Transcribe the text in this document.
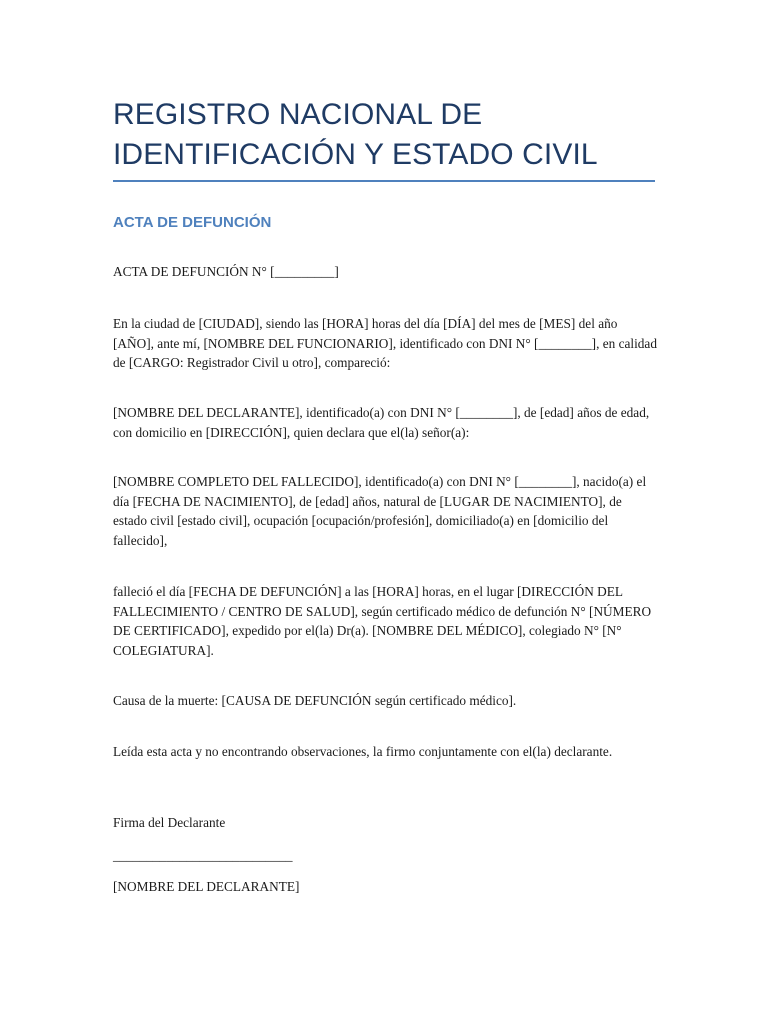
REGISTRO NACIONAL DE IDENTIFICACIÓN Y ESTADO CIVIL
ACTA DE DEFUNCIÓN

ACTA DE DEFUNCIÓN N° [_________]

En la ciudad de [CIUDAD], siendo las [HORA] horas del día [DÍA] del mes de [MES] del año [AÑO], ante mí, [NOMBRE DEL FUNCIONARIO], identificado con DNI N° [________], en calidad de [CARGO: Registrador Civil u otro], compareció:

[NOMBRE DEL DECLARANTE], identificado(a) con DNI N° [________], de [edad] años de edad, con domicilio en [DIRECCIÓN], quien declara que el(la) señor(a):

[NOMBRE COMPLETO DEL FALLECIDO], identificado(a) con DNI N° [________], nacido(a) el día [FECHA DE NACIMIENTO], de [edad] años, natural de [LUGAR DE NACIMIENTO], de estado civil [estado civil], ocupación [ocupación/profesión], domiciliado(a) en [domicilio del fallecido],

falleció el día [FECHA DE DEFUNCIÓN] a las [HORA] horas, en el lugar [DIRECCIÓN DEL FALLECIMIENTO / CENTRO DE SALUD], según certificado médico de defunción N° [NÚMERO DE CERTIFICADO], expedido por el(la) Dr(a). [NOMBRE DEL MÉDICO], colegiado N° [N° COLEGIATURA].

Causa de la muerte: [CAUSA DE DEFUNCIÓN según certificado médico].

Leída esta acta y no encontrando observaciones, la firmo conjuntamente con el(la) declarante.

Firma del Declarante

___________________________

[NOMBRE DEL DECLARANTE]
